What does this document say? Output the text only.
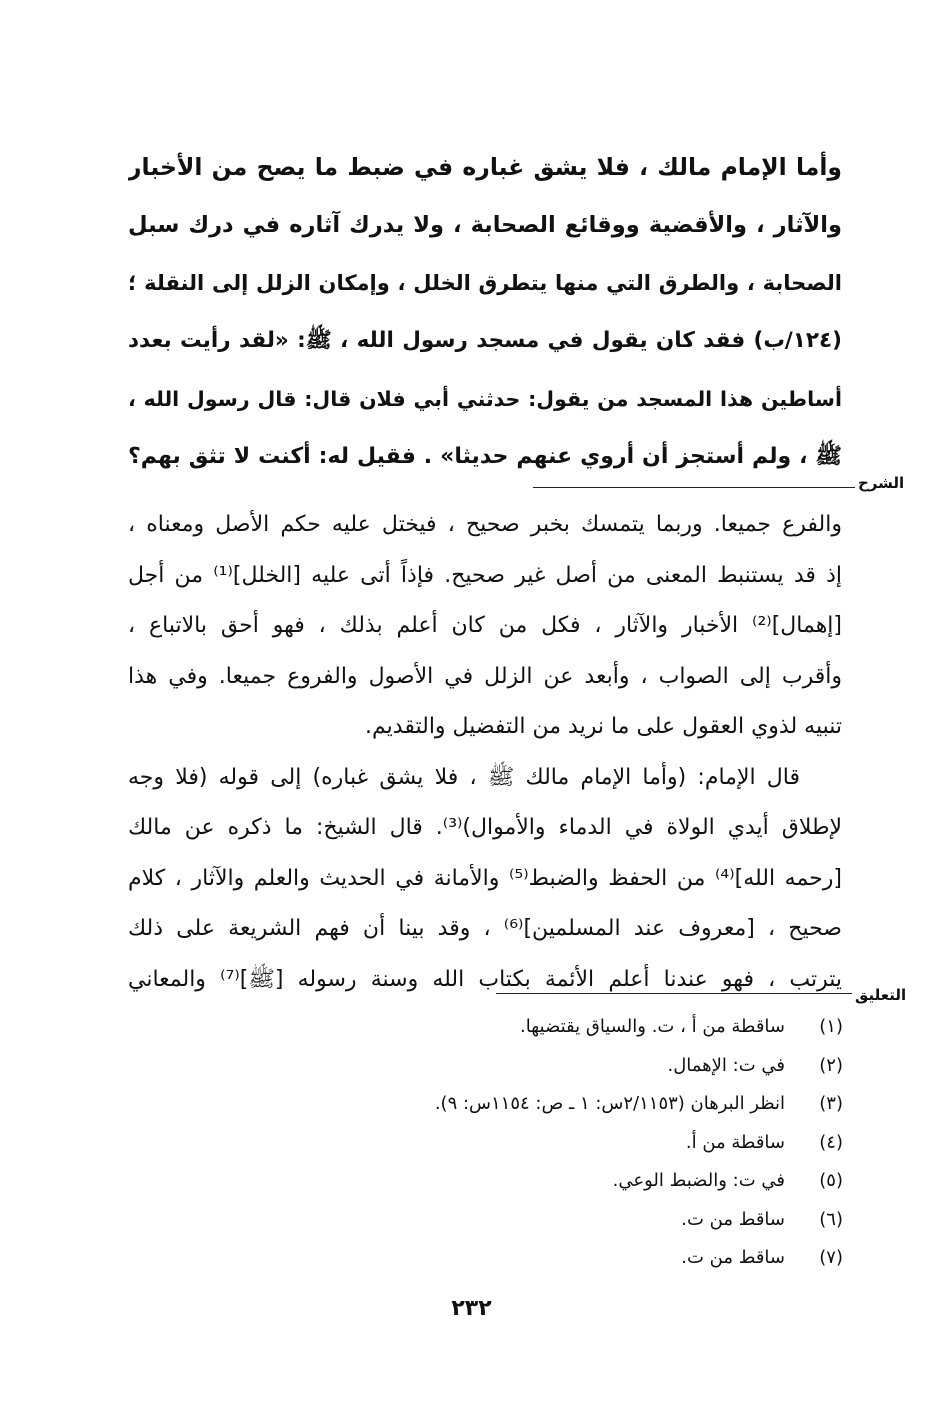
وأما الإمام مالك ، فلا يشق غباره في ضبط ما يصح من الأخبار
والآثار ، والأقضية ووقائع الصحابة ، ولا يدرك آثاره في درك سبل
الصحابة ، والطرق التي منها يتطرق الخلل ، وإمكان الزلل إلى النقلة ؛
(١٢٤/ب) فقد كان يقول في مسجد رسول الله ، ﷺ: «لقد رأيت بعدد
أساطين هذا المسجد من يقول: حدثني أبي فلان قال: قال رسول الله ،
ﷺ ، ولم أستجز أن أروي عنهم حديثا» . فقيل له: أكنت لا تثق بهم؟
الشرح
والفرع جميعا. وربما يتمسك بخبر صحيح ، فيختل عليه حكم الأصل ومعناه ،
إذ قد يستنبط المعنى من أصل غير صحيح. فإذاً أتى عليه [الخلل]⁽¹⁾ من أجل
[إهمال]⁽²⁾ الأخبار والآثار ، فكل من كان أعلم بذلك ، فهو أحق بالاتباع ،
وأقرب إلى الصواب ، وأبعد عن الزلل في الأصول والفروع جميعا. وفي هذا
تنبيه لذوي العقول على ما نريد من التفضيل والتقديم.
قال الإمام: (وأما الإمام مالك ﷺ ، فلا يشق غباره) إلى قوله (فلا وجه
لإطلاق أيدي الولاة في الدماء والأموال)⁽³⁾. قال الشيخ: ما ذكره عن مالك
[رحمه الله]⁽⁴⁾ من الحفظ والضبط⁽⁵⁾ والأمانة في الحديث والعلم والآثار ، كلام
صحيح ، [معروف عند المسلمين]⁽⁶⁾ ، وقد بينا أن فهم الشريعة على ذلك
يترتب ، فهو عندنا أعلم الأئمة بكتاب الله وسنة رسوله [ﷺ]⁽⁷⁾ والمعاني
التعليق
(١)ساقطة من أ ، ت. والسياق يقتضيها.
(٢)في ت: الإهمال.
(٣)انظر البرهان (٢/١١٥٣س: ١ ـ ص: ١١٥٤س: ٩).
(٤)ساقطة من أ.
(٥)في ت: والضبط الوعي.
(٦)ساقط من ت.
(٧)ساقط من ت.
٢٣٢
